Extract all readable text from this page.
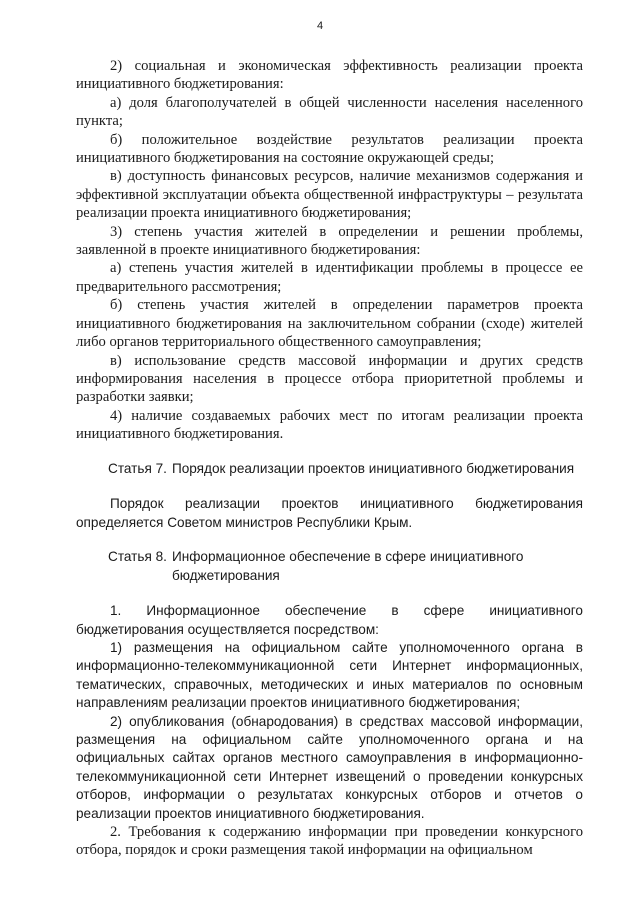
4

2) социальная и экономическая эффективность реализации проекта инициативного бюджетирования:

а) доля благополучателей в общей численности населения населенного пункта;

б) положительное воздействие результатов реализации проекта инициативного бюджетирования на состояние окружающей среды;

в) доступность финансовых ресурсов, наличие механизмов содержания и эффективной эксплуатации объекта общественной инфраструктуры – результата реализации проекта инициативного бюджетирования;

3) степень участия жителей в определении и решении проблемы, заявленной в проекте инициативного бюджетирования:

а) степень участия жителей в идентификации проблемы в процессе ее предварительного рассмотрения;

б) степень участия жителей в определении параметров проекта инициативного бюджетирования на заключительном собрании (сходе) жителей либо органов территориального общественного самоуправления;

в) использование средств массовой информации и других средств информирования населения в процессе отбора приоритетной проблемы и разработки заявки;

4) наличие создаваемых рабочих мест по итогам реализации проекта инициативного бюджетирования.

Статья 7. Порядок реализации проектов инициативного бюджетирования

Порядок реализации проектов инициативного бюджетирования определяется Советом министров Республики Крым.

Статья 8. Информационное обеспечение в сфере инициативного бюджетирования

1. Информационное обеспечение в сфере инициативного бюджетирования осуществляется посредством:

1) размещения на официальном сайте уполномоченного органа в информационно-телекоммуникационной сети Интернет информационных, тематических, справочных, методических и иных материалов по основным направлениям реализации проектов инициативного бюджетирования;

2) опубликования (обнародования) в средствах массовой информации, размещения на официальном сайте уполномоченного органа и на официальных сайтах органов местного самоуправления в информационно-телекоммуникационной сети Интернет извещений о проведении конкурсных отборов, информации о результатах конкурсных отборов и отчетов о реализации проектов инициативного бюджетирования.

2. Требования к содержанию информации при проведении конкурсного отбора, порядок и сроки размещения такой информации на официальном
